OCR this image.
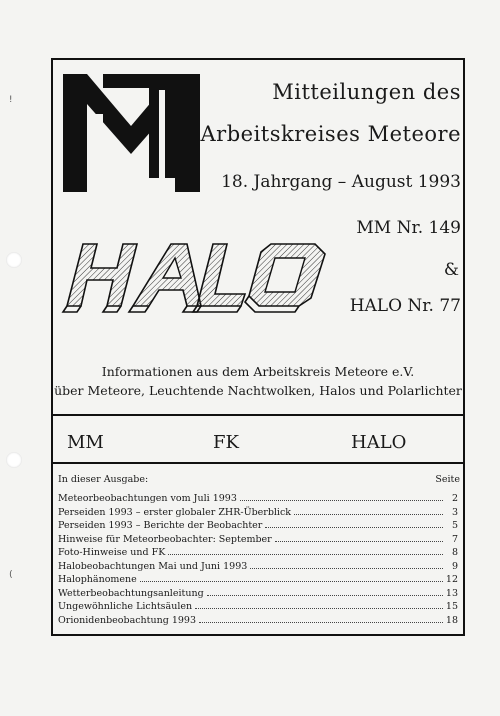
!
(
Mitteilungen des
Arbeitskreises Meteore
18. Jahrgang – August 1993
MM Nr. 149
&
HALO Nr. 77
Informationen aus dem Arbeitskreis Meteore e.V.
über Meteore, Leuchtende Nachtwolken, Halos und Polarlichter
MM	FK	HALO
In dieser Ausgabe:	Seite
Meteorbeobachtungen vom Juli 1993	2
Perseiden 1993 – erster globaler ZHR-Überblick	3
Perseiden 1993 – Berichte der Beobachter	5
Hinweise für Meteorbeobachter: September	7
Foto-Hinweise und FK	8
Halobeobachtungen Mai und Juni 1993	9
Halophänomene	12
Wetterbeobachtungsanleitung	13
Ungewöhnliche Lichtsäulen	15
Orionidenbeobachtung 1993	18
